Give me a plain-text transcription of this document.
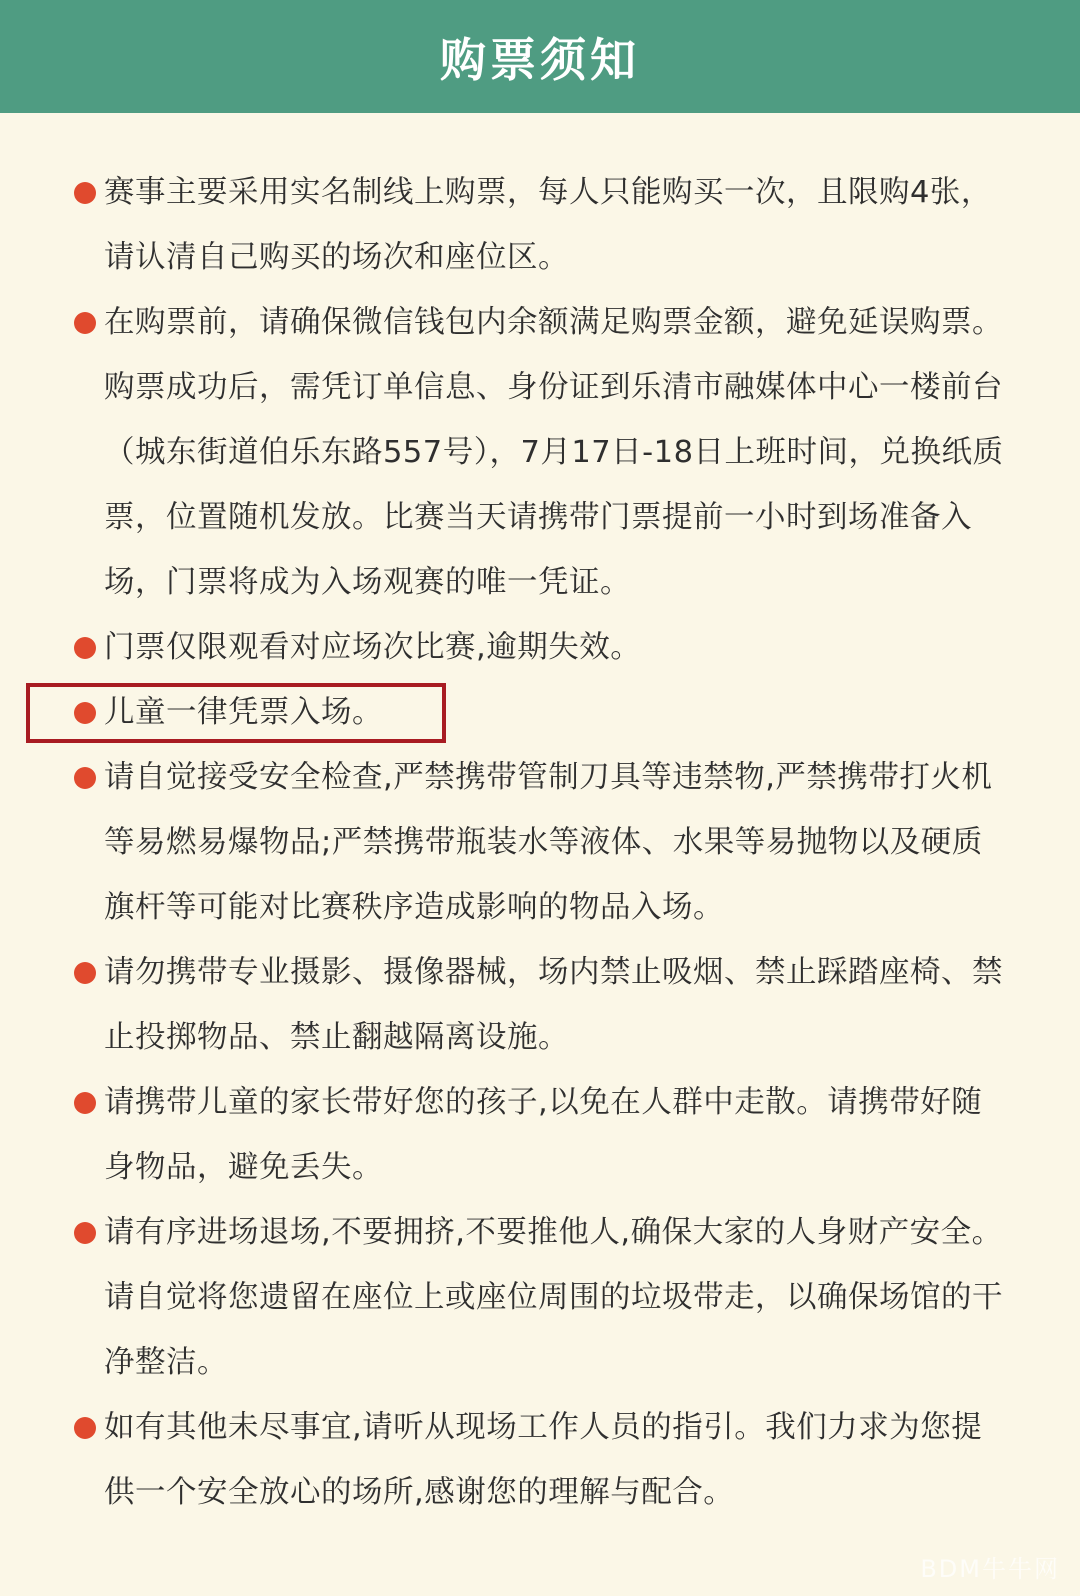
购票须知
赛事主要采用实名制线上购票，每人只能购买一次，且限购4张，请认清自己购买的场次和座位区。
在购票前，请确保微信钱包内余额满足购票金额，避免延误购票。购票成功后，需凭订单信息、身份证到乐清市融媒体中心一楼前台（城东街道伯乐东路557号），7月17日-18日上班时间，兑换纸质票，位置随机发放。比赛当天请携带门票提前一小时到场准备入场，门票将成为入场观赛的唯一凭证。
门票仅限观看对应场次比赛,逾期失效。
儿童一律凭票入场。
请自觉接受安全检查,严禁携带管制刀具等违禁物,严禁携带打火机等易燃易爆物品;严禁携带瓶装水等液体、水果等易抛物以及硬质旗杆等可能对比赛秩序造成影响的物品入场。
请勿携带专业摄影、摄像器械，场内禁止吸烟、禁止踩踏座椅、禁止投掷物品、禁止翻越隔离设施。
请携带儿童的家长带好您的孩子,以免在人群中走散。请携带好随身物品，避免丢失。
请有序进场退场,不要拥挤,不要推他人,确保大家的人身财产安全。请自觉将您遗留在座位上或座位周围的垃圾带走，以确保场馆的干净整洁。
如有其他未尽事宜,请听从现场工作人员的指引。我们力求为您提供一个安全放心的场所,感谢您的理解与配合。
BDM牛牛网
